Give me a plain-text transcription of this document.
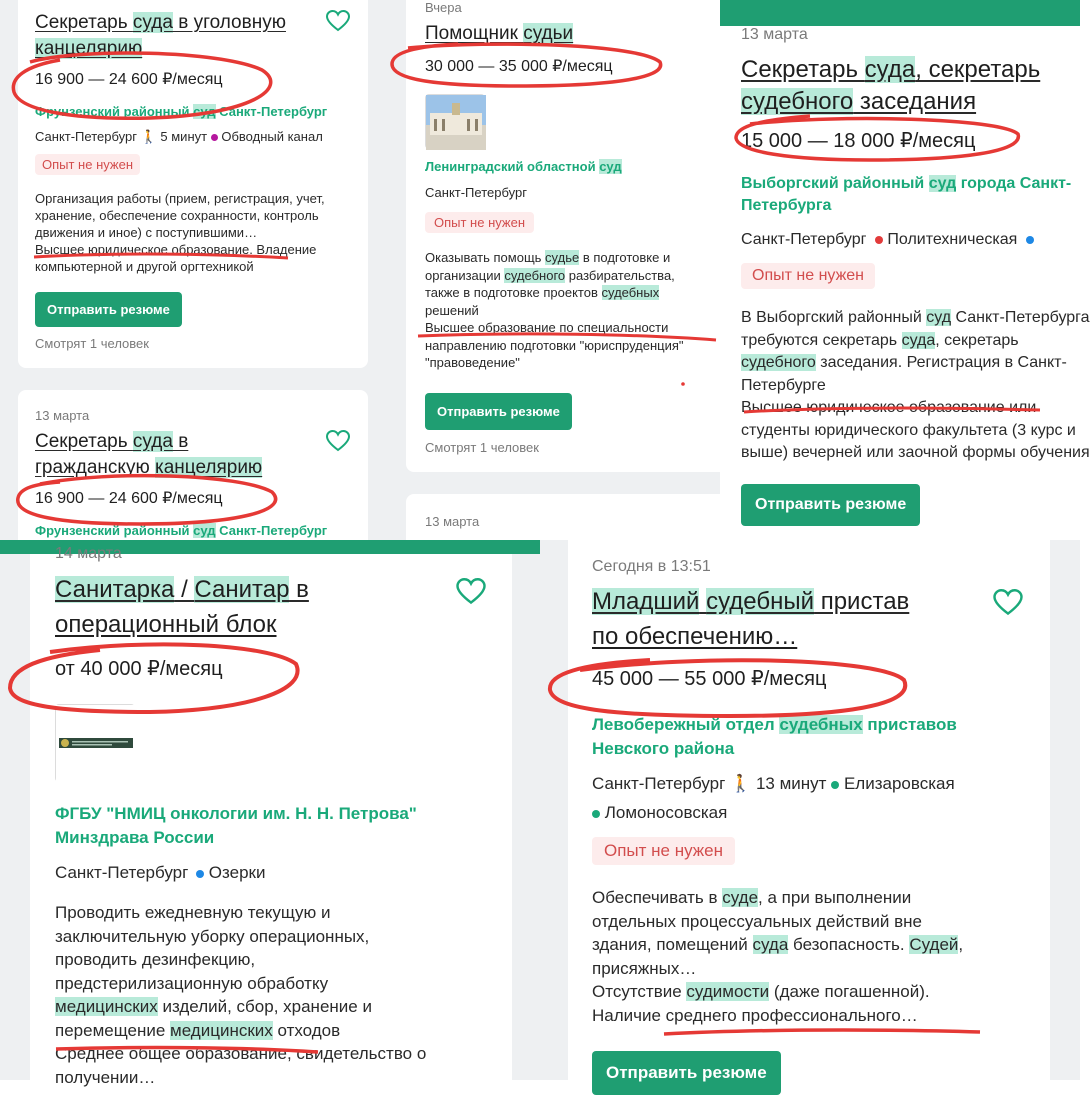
Секретарь суда в уголовную
канцелярию
16 900 — 24 600 ₽/месяц
Фрунзенский районный суд Санкт-Петербург
Санкт-Петербург 🚶 5 минут Обводный канал
Опыт не нужен
Организация работы (прием, регистрация, учет,
хранение, обеспечение сохранности, контроль
движения и иное) с поступившими…
Высшее юридическое образование. Владение
компьютерной и другой оргтехникой
Отправить резюме
Смотрят 1 человек
13 марта
Секретарь суда в
гражданскую канцелярию
16 900 — 24 600 ₽/месяц
Фрунзенский районный суд Санкт-Петербург
Вчера
Помощник судьи
30 000 — 35 000 ₽/месяц
Ленинградский областной суд
Санкт-Петербург
Опыт не нужен
Оказывать помощь судье в подготовке и
организации судебного разбирательства,
также в подготовке проектов судебных
решений
Высшее образование по специальности
направлению подготовки "юриспруденция"
"правоведение"
Отправить резюме
Смотрят 1 человек
13 марта
13 марта
Секретарь суда, секретарь
судебного заседания
15 000 — 18 000 ₽/месяц
Выборгский районный суд города Санкт-
Петербурга
Санкт-Петербург Политехническая
Опыт не нужен
В Выборгский районный суд Санкт-Петербурга
требуются секретарь суда, секретарь
судебного заседания. Регистрация в Санкт-
Петербурге
Высшее юридическое образование или
студенты юридического факультета (3 курс и
выше) вечерней или заочной формы обучения
Отправить резюме
14 марта
Санитарка / Санитар в
операционный блок
от 40 000 ₽/месяц
ФГБУ "НМИЦ онкологии им. Н. Н. Петрова"
Минздрава России
Санкт-Петербург Озерки
Проводить ежедневную текущую и
заключительную уборку операционных,
проводить дезинфекцию,
предстерилизационную обработку
медицинских изделий, сбор, хранение и
перемещение медицинских отходов
Среднее общее образование, свидетельство о
получении…
Сегодня в 13:51
Младший судебный пристав
по обеспечению…
45 000 — 55 000 ₽/месяц
Левобережный отдел судебных приставов
Невского района
Санкт-Петербург 🚶 13 минут Елизаровская
Ломоносовская
Опыт не нужен
Обеспечивать в суде, а при выполнении
отдельных процессуальных действий вне
здания, помещений суда безопасность. Судей,
присяжных…
Отсутствие судимости (даже погашенной).
Наличие среднего профессионального…
Отправить резюме
